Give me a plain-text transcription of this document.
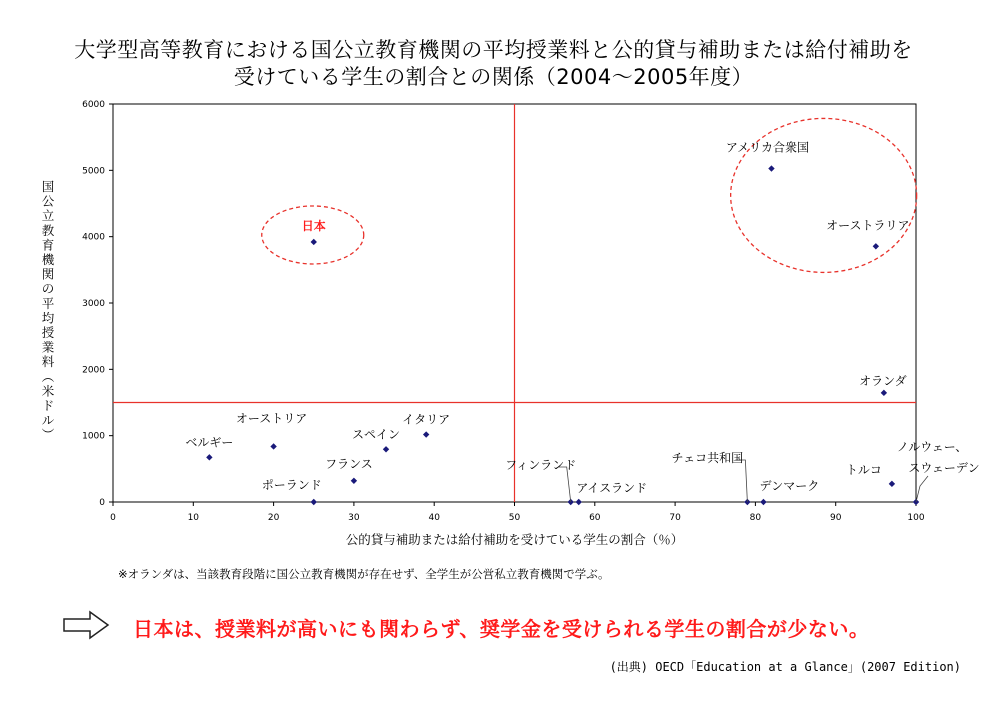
大学型高等教育における国公立教育機関の平均授業料と公的貸与補助または給付補助を
受けている学生の割合との関係（2004～2005年度）
0	10	20	30	40	50	60	70	80	90	100
0
1000
2000
3000
4000
5000
6000
公的貸与補助または給付補助を受けている学生の割合（％）
国公立教育機関の平均授業料︵米ドル︶
日本
アメリカ合衆国
オーストラリア
オランダ
ベルギー
オーストリア
スペイン
イタリア
フランス
ポーランド
フィンランド
アイスランド
チェコ共和国
デンマーク
トルコ
ノルウェー、スウェーデン
※オランダは、当該教育段階に国公立教育機関が存在せず、全学生が公営私立教育機関で学ぶ。
日本は、授業料が高いにも関わらず、奨学金を受けられる学生の割合が少ない。
(出典) OECD「Education at a Glance」(2007 Edition)
